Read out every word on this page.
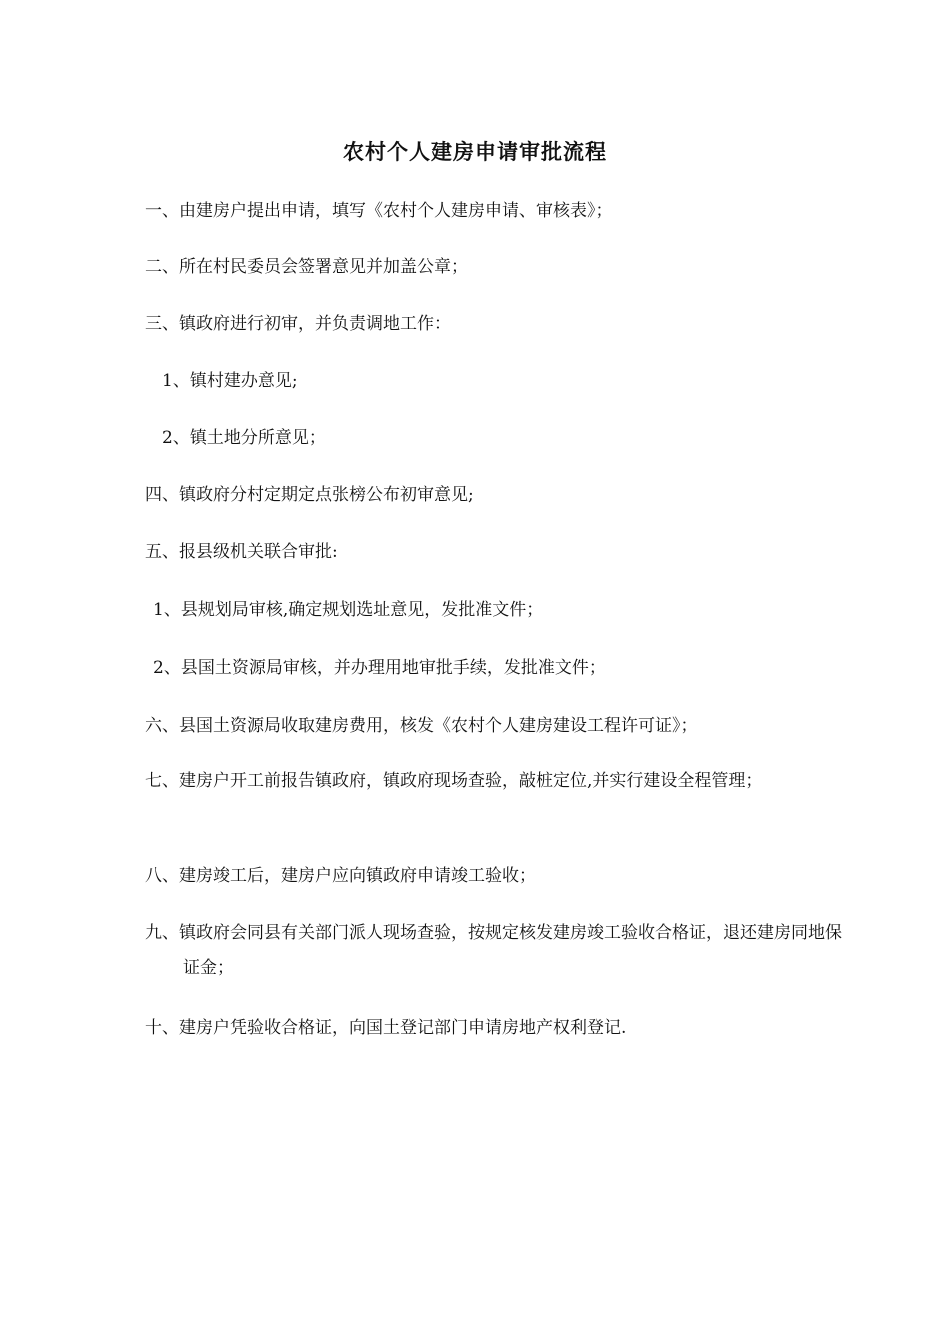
农村个人建房申请审批流程
一、由建房户提出申请，填写《农村个人建房申请、审核表》；
二、所在村民委员会签署意见并加盖公章；
三、镇政府进行初审，并负责调地工作：
1、镇村建办意见;
2、镇土地分所意见；
四、镇政府分村定期定点张榜公布初审意见;
五、报县级机关联合审批:
1、县规划局审核,确定规划选址意见，发批准文件；
2、县国土资源局审核，并办理用地审批手续，发批准文件；
六、县国土资源局收取建房费用，核发《农村个人建房建设工程许可证》；
七、建房户开工前报告镇政府，镇政府现场查验，敲桩定位,并实行建设全程管理；
八、建房竣工后，建房户应向镇政府申请竣工验收；
九、镇政府会同县有关部门派人现场查验，按规定核发建房竣工验收合格证，退还建房同地保证金；
十、建房户凭验收合格证，向国土登记部门申请房地产权利登记.
